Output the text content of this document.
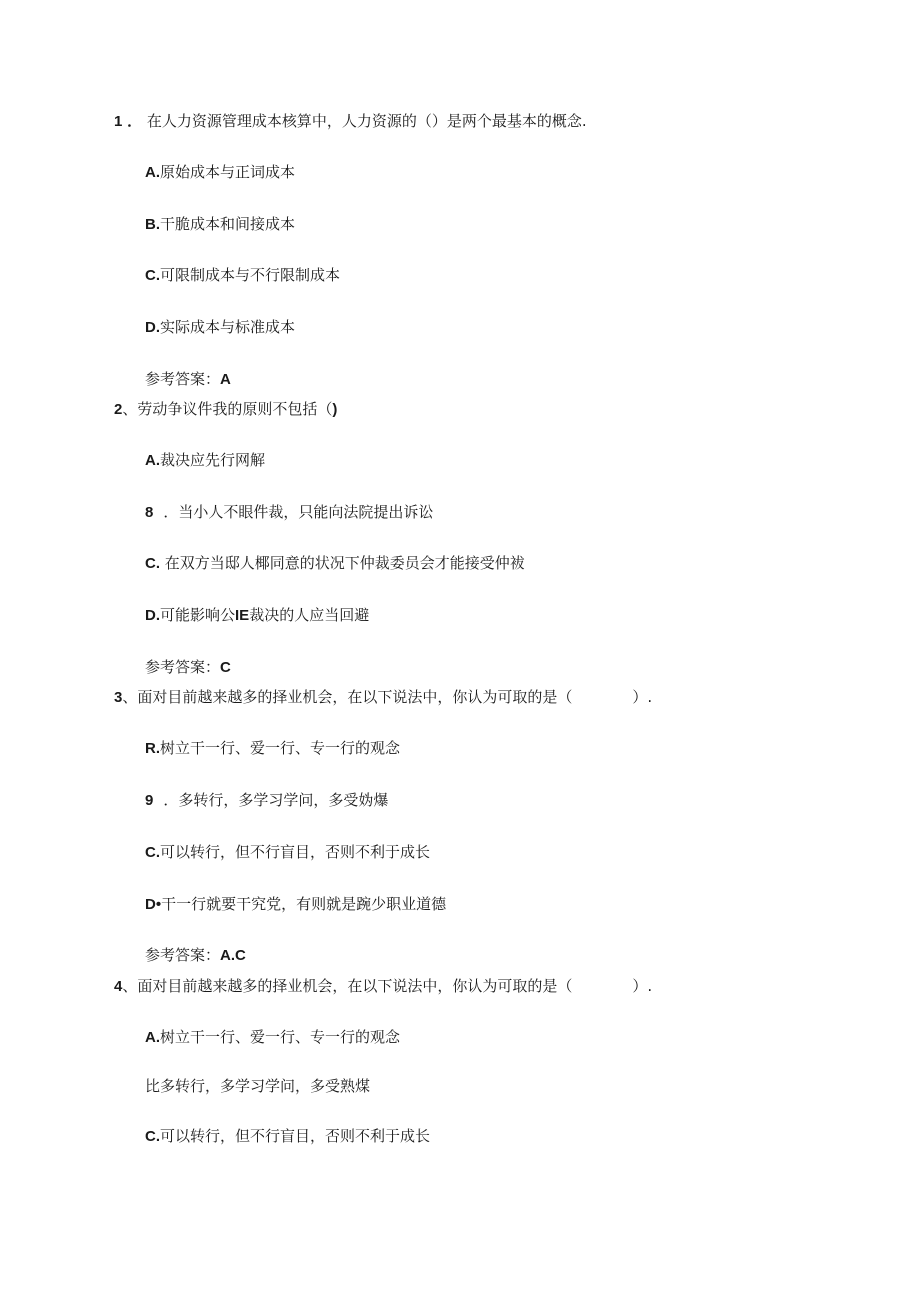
1 ． 在人力资源管理成本核算中，人力资源的（）是两个最基本的概念.
A.原始成本与正词成本
B.干脆成本和间接成本
C.可限制成本与不行限制成本
D.实际成本与标准成本
参考答案：A
2、劳动争议件我的原则不包括（)
A.裁决应先行网解
8 ．当小人不眼件裁，只能向法院提出诉讼
C. 在双方当邸人椰同意的状况下仲裁委员会才能接受仲袚
D.可能影响公IE裁决的人应当回避
参考答案：C
3、面对目前越来越多的择业机会，在以下说法中，你认为可取的是（　　　　）.
R.树立干一行、爱一行、专一行的观念
9 ．多转行，多学习学问，多受妫爆
C.可以转行，但不行盲目，否则不利于成长
D•干一行就要干究党，有则就是踠少职业道德
参考答案：A.C
4、面对目前越来越多的择业机会，在以下说法中，你认为可取的是（　　　　）.
A.树立干一行、爱一行、专一行的观念
比多转行，多学习学问，多受熟煤
C.可以转行，但不行盲目，否则不利于成长
